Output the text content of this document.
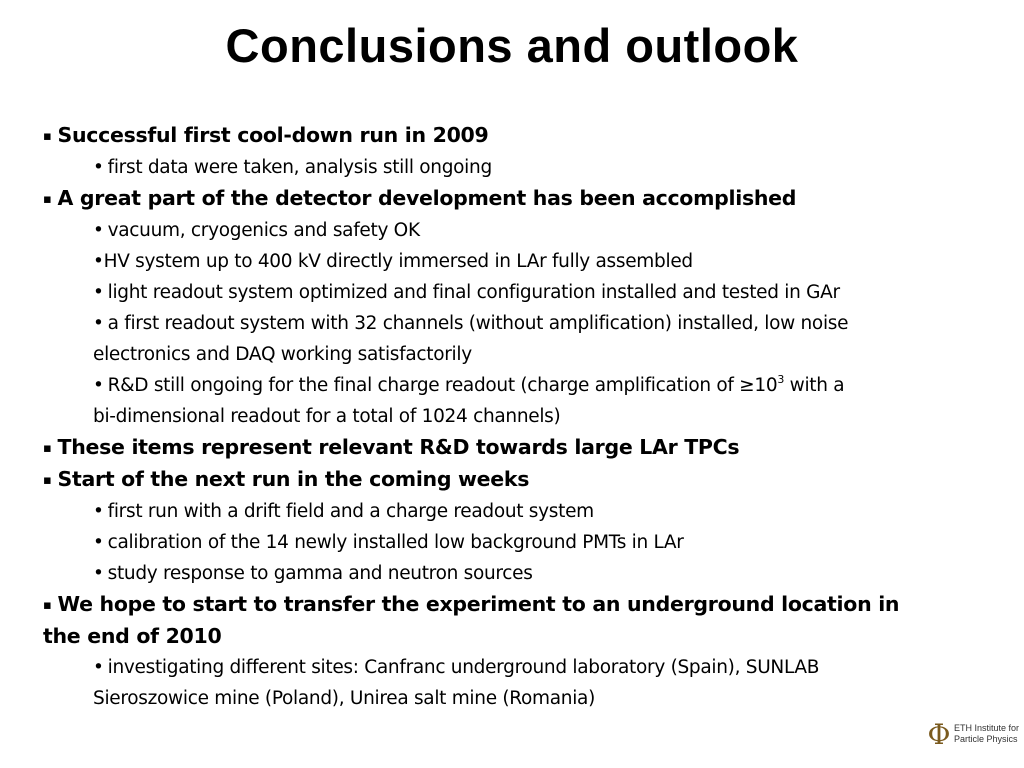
Conclusions and outlook

▪ Successful first cool-down run in 2009

• first data were taken, analysis still ongoing

▪ A great part of the detector development has been accomplished

• vacuum, cryogenics and safety OK

•HV system up to 400 kV directly immersed in LAr fully assembled

• light readout system optimized and final configuration installed and tested in GAr

• a first readout system with 32 channels (without amplification) installed, low noise
electronics and DAQ working satisfactorily

• R&D still ongoing for the final charge readout (charge amplification of $\ge 10^3$ with a
bi-dimensional readout for a total of 1024 channels)

▪ These items represent relevant R&D towards large LAr TPCs

▪ Start of the next run in the coming weeks

• first run with a drift field and a charge readout system

• calibration of the 14 newly installed low background PMTs in LAr

• study response to gamma and neutron sources

▪ We hope to start to transfer the experiment to an underground location in
the end of 2010

• investigating different sites: Canfranc underground laboratory (Spain), SUNLAB
Sieroszowice mine (Poland), Unirea salt mine (Romania)

Φ ETH Institute for
Particle Physics
